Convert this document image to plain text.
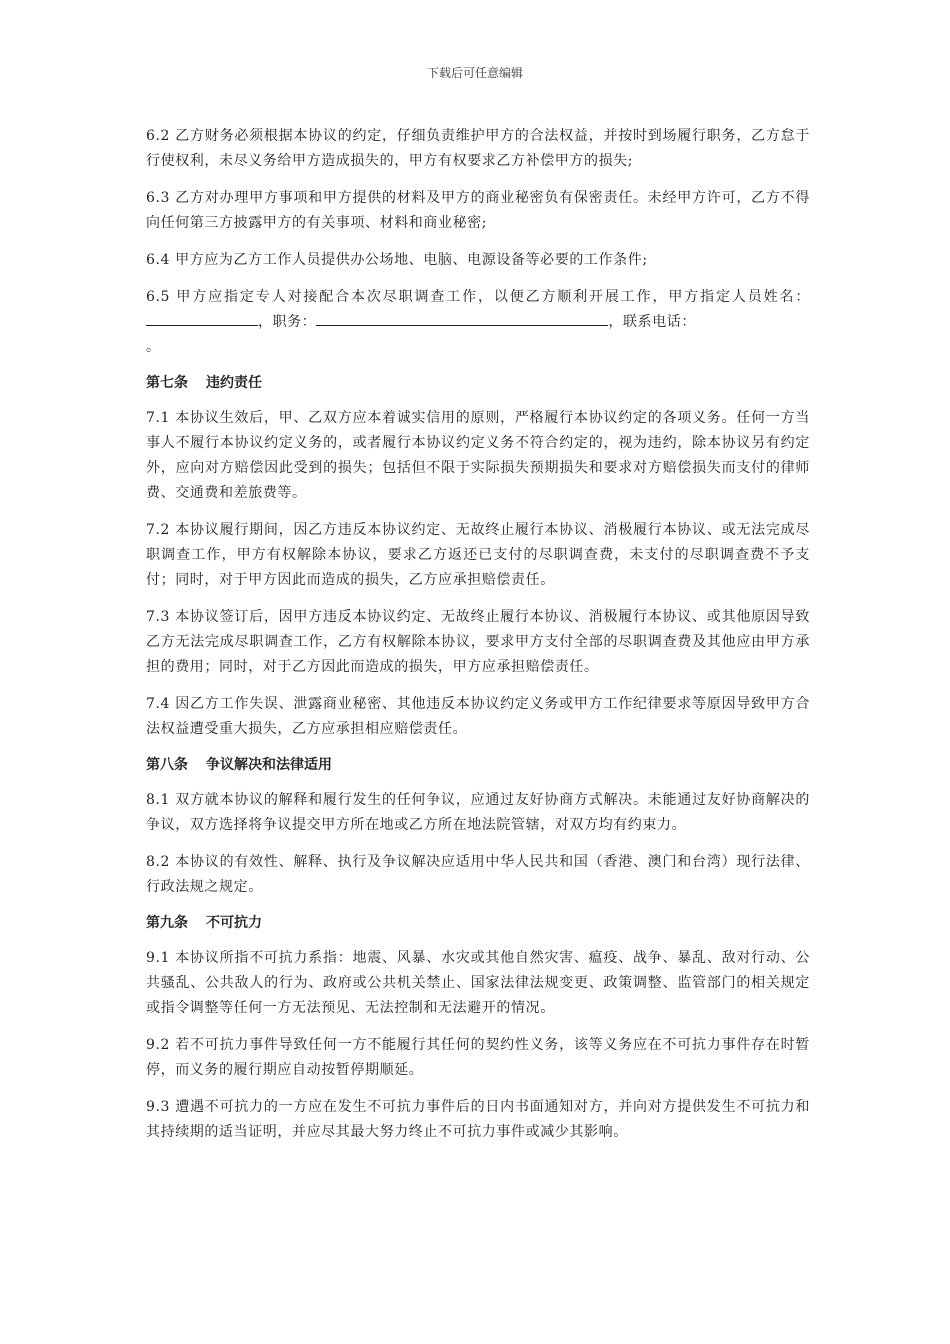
下载后可任意编辑

6.2 乙方财务必须根据本协议的约定，仔细负责维护甲方的合法权益，并按时到场履行职务，乙方怠于行使权利，未尽义务给甲方造成损失的，甲方有权要求乙方补偿甲方的损失;

6.3 乙方对办理甲方事项和甲方提供的材料及甲方的商业秘密负有保密责任。未经甲方许可，乙方不得向任何第三方披露甲方的有关事项、材料和商业秘密;

6.4 甲方应为乙方工作人员提供办公场地、电脑、电源设备等必要的工作条件;

6.5 甲方应指定专人对接配合本次尽职调查工作，以便乙方顺利开展工作，甲方指定人员姓名：，职务：	，联系电话：
。

第七条 违约责任

7.1 本协议生效后，甲、乙双方应本着诚实信用的原则，严格履行本协议约定的各项义务。任何一方当事人不履行本协议约定义务的，或者履行本协议约定义务不符合约定的，视为违约，除本协议另有约定外，应向对方赔偿因此受到的损失；包括但不限于实际损失预期损失和要求对方赔偿损失而支付的律师费、交通费和差旅费等。

7.2 本协议履行期间，因乙方违反本协议约定、无故终止履行本协议、消极履行本协议、或无法完成尽职调查工作，甲方有权解除本协议，要求乙方返还已支付的尽职调查费，未支付的尽职调查费不予支付；同时，对于甲方因此而造成的损失，乙方应承担赔偿责任。

7.3 本协议签订后，因甲方违反本协议约定、无故终止履行本协议、消极履行本协议、或其他原因导致乙方无法完成尽职调查工作，乙方有权解除本协议，要求甲方支付全部的尽职调查费及其他应由甲方承担的费用；同时，对于乙方因此而造成的损失，甲方应承担赔偿责任。

7.4 因乙方工作失误、泄露商业秘密、其他违反本协议约定义务或甲方工作纪律要求等原因导致甲方合法权益遭受重大损失，乙方应承担相应赔偿责任。

第八条 争议解决和法律适用

8.1 双方就本协议的解释和履行发生的任何争议，应通过友好协商方式解决。未能通过友好协商解决的争议，双方选择将争议提交甲方所在地或乙方所在地法院管辖，对双方均有约束力。

8.2 本协议的有效性、解释、执行及争议解决应适用中华人民共和国（香港、澳门和台湾）现行法律、行政法规之规定。

第九条 不可抗力

9.1 本协议所指不可抗力系指：地震、风暴、水灾或其他自然灾害、瘟疫、战争、暴乱、敌对行动、公共骚乱、公共敌人的行为、政府或公共机关禁止、国家法律法规变更、政策调整、监管部门的相关规定或指令调整等任何一方无法预见、无法控制和无法避开的情况。

9.2 若不可抗力事件导致任何一方不能履行其任何的契约性义务，该等义务应在不可抗力事件存在时暂停，而义务的履行期应自动按暂停期顺延。

9.3 遭遇不可抗力的一方应在发生不可抗力事件后的日内书面通知对方，并向对方提供发生不可抗力和其持续期的适当证明，并应尽其最大努力终止不可抗力事件或减少其影响。
